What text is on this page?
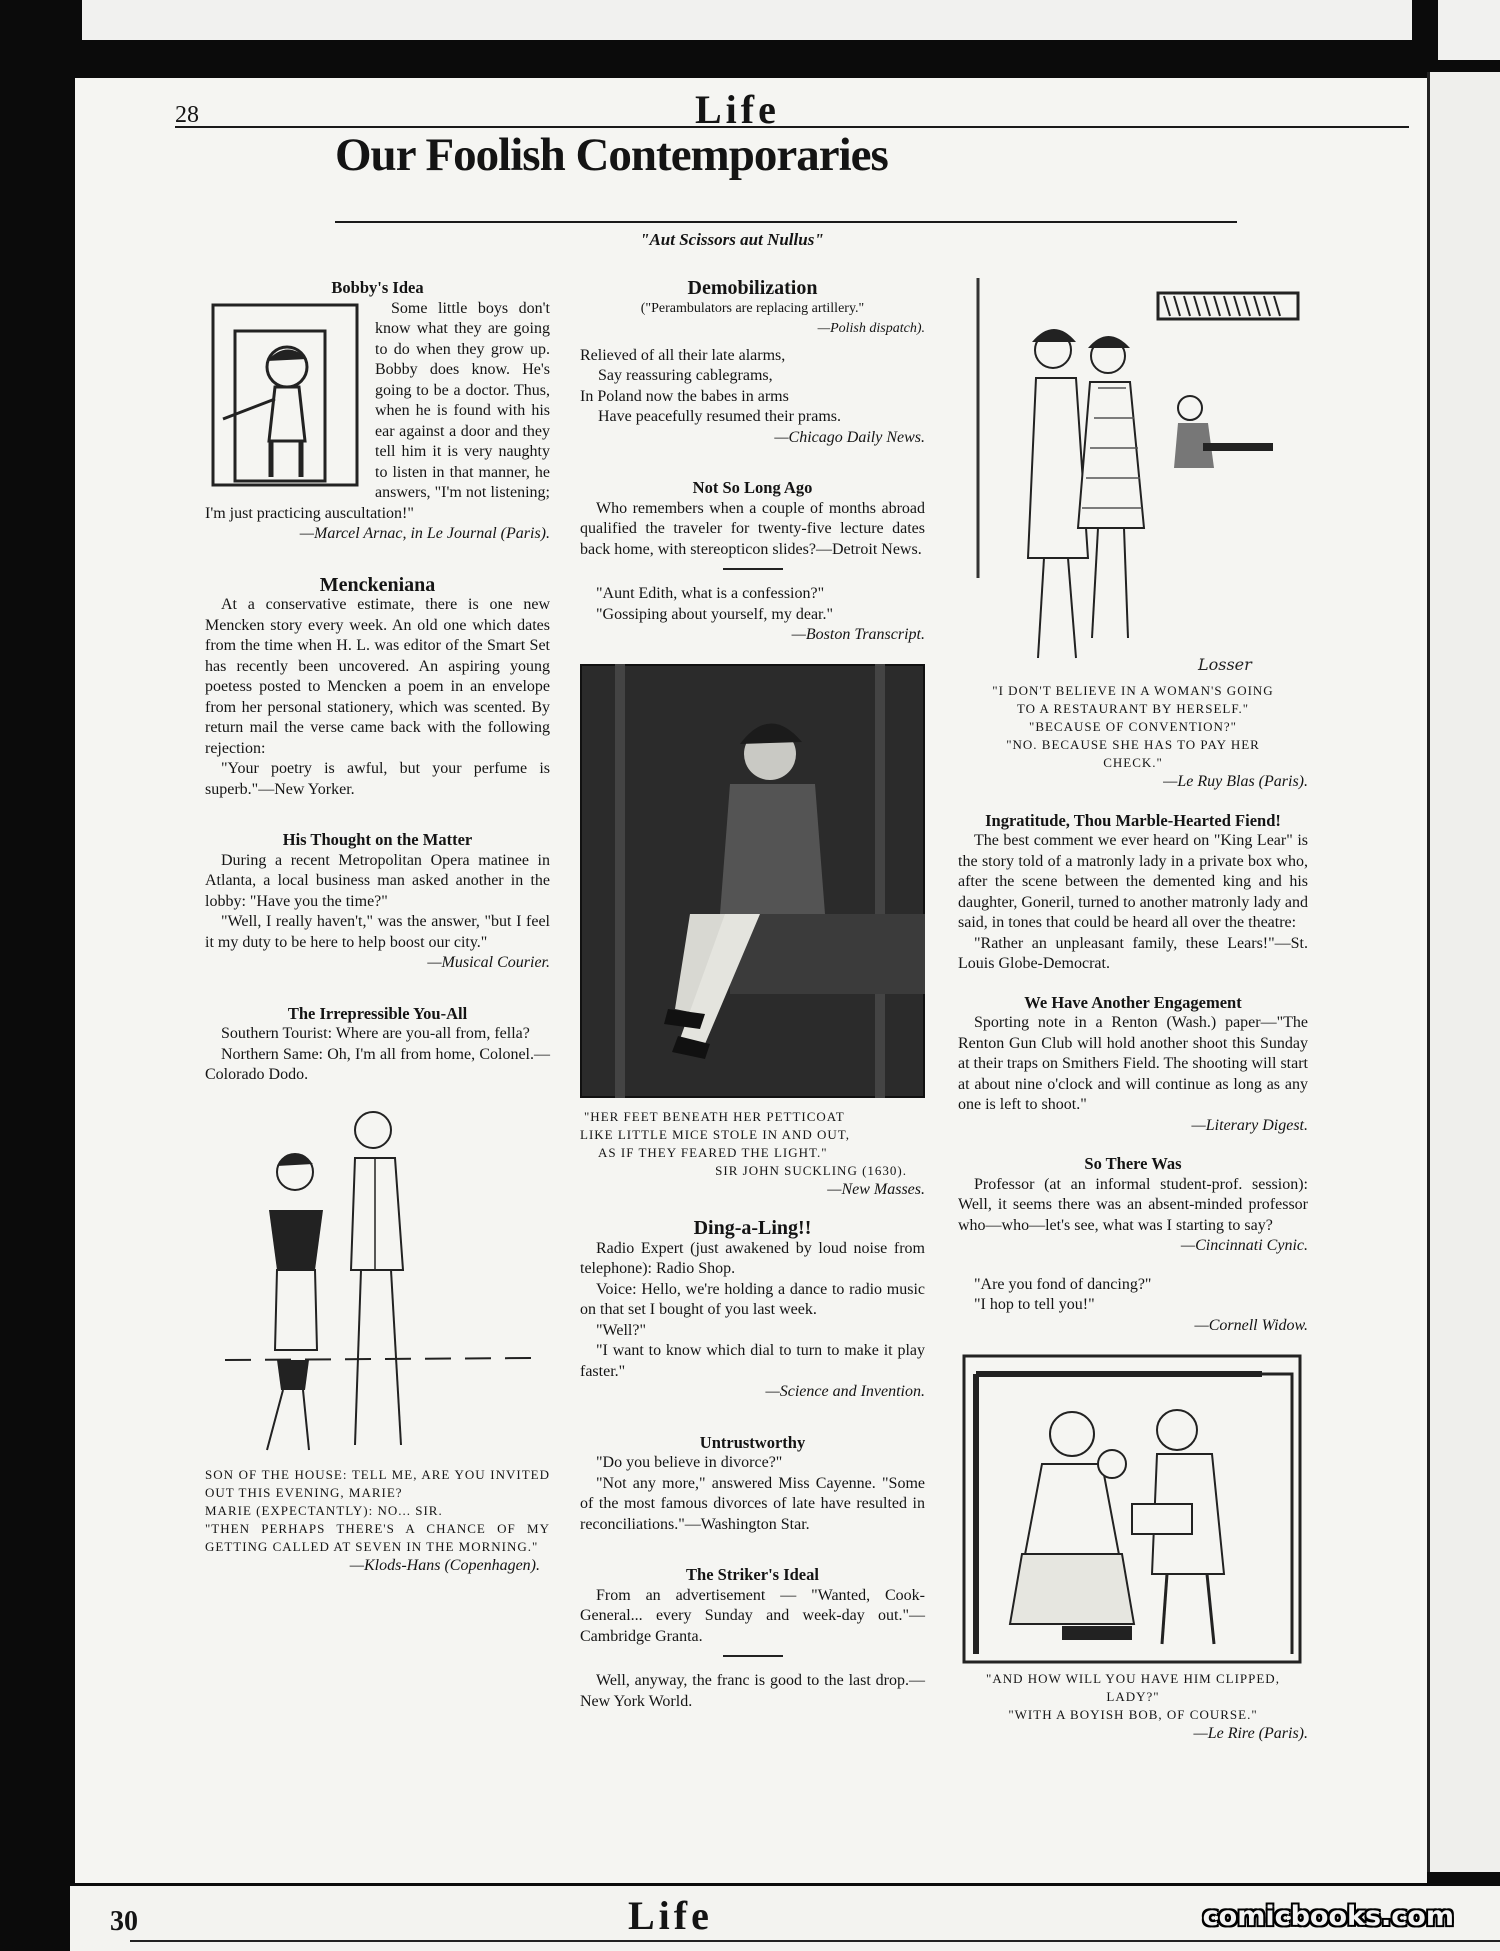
28	Life
Our Foolish Contemporaries
"Aut Scissors aut Nullus"

Bobby's Idea

Some little boys don't know what they are going to do when they grow up. Bobby does know. He's going to be a doctor. Thus, when he is found with his ear against a door and they tell him it is very naughty to listen in that manner, he answers, "I'm not listening; I'm just practicing auscultation!"

—Marcel Arnac, in Le Journal (Paris).

Menckeniana

At a conservative estimate, there is one new Mencken story every week. An old one which dates from the time when H. L. was editor of the Smart Set has recently been uncovered. An aspiring young poetess posted to Mencken a poem in an envelope from her personal stationery, which was scented. By return mail the verse came back with the following rejection:

"Your poetry is awful, but your perfume is superb."—New Yorker.

His Thought on the Matter

During a recent Metropolitan Opera matinee in Atlanta, a local business man asked another in the lobby: "Have you the time?"

"Well, I really haven't," was the answer, "but I feel it my duty to be here to help boost our city."

—Musical Courier.

The Irrepressible You-All

Southern Tourist: Where are you-all from, fella?

Northern Same: Oh, I'm all from home, Colonel.—Colorado Dodo.

SON OF THE HOUSE: TELL ME, ARE YOU INVITED OUT THIS EVENING, MARIE?

MARIE (EXPECTANTLY): NO... SIR.

"THEN PERHAPS THERE'S A CHANCE OF MY GETTING CALLED AT SEVEN IN THE MORNING."

—Klods-Hans (Copenhagen).

Demobilization

("Perambulators are replacing artillery."

—Polish dispatch).

Relieved of all their late alarms,

Say reassuring cablegrams,

In Poland now the babes in arms

Have peacefully resumed their prams.

—Chicago Daily News.

Not So Long Ago

Who remembers when a couple of months abroad qualified the traveler for twenty-five lecture dates back home, with stereopticon slides?—Detroit News.

"Aunt Edith, what is a confession?"

"Gossiping about yourself, my dear."

—Boston Transcript.

"HER FEET BENEATH HER PETTICOAT

LIKE LITTLE MICE STOLE IN AND OUT,

AS IF THEY FEARED THE LIGHT."

SIR JOHN SUCKLING (1630).

—New Masses.

Ding-a-Ling!!

Radio Expert (just awakened by loud noise from telephone): Radio Shop.

Voice: Hello, we're holding a dance to radio music on that set I bought of you last week.

"Well?"

"I want to know which dial to turn to make it play faster."

—Science and Invention.

Untrustworthy

"Do you believe in divorce?"

"Not any more," answered Miss Cayenne. "Some of the most famous divorces of late have resulted in reconciliations."—Washington Star.

The Striker's Ideal

From an advertisement — "Wanted, Cook-General... every Sunday and week-day out."—Cambridge Granta.

Well, anyway, the franc is good to the last drop.—New York World.

Losser

"I DON'T BELIEVE IN A WOMAN'S GOING

TO A RESTAURANT BY HERSELF."

"BECAUSE OF CONVENTION?"

"NO. BECAUSE SHE HAS TO PAY HER

CHECK."

—Le Ruy Blas (Paris).

Ingratitude, Thou Marble-Hearted Fiend!

The best comment we ever heard on "King Lear" is the story told of a matronly lady in a private box who, after the scene between the demented king and his daughter, Goneril, turned to another matronly lady and said, in tones that could be heard all over the theatre:

"Rather an unpleasant family, these Lears!"—St. Louis Globe-Democrat.

We Have Another Engagement

Sporting note in a Renton (Wash.) paper—"The Renton Gun Club will hold another shoot this Sunday at their traps on Smithers Field. The shooting will start at about nine o'clock and will continue as long as any one is left to shoot."

—Literary Digest.

So There Was

Professor (at an informal student-prof. session): Well, it seems there was an absent-minded professor who—who—let's see, what was I starting to say?

—Cincinnati Cynic.

"Are you fond of dancing?"

"I hop to tell you!"

—Cornell Widow.

"AND HOW WILL YOU HAVE HIM CLIPPED,

LADY?"

"WITH A BOYISH BOB, OF COURSE."

—Le Rire (Paris).

30	Life	comicbooks.com
